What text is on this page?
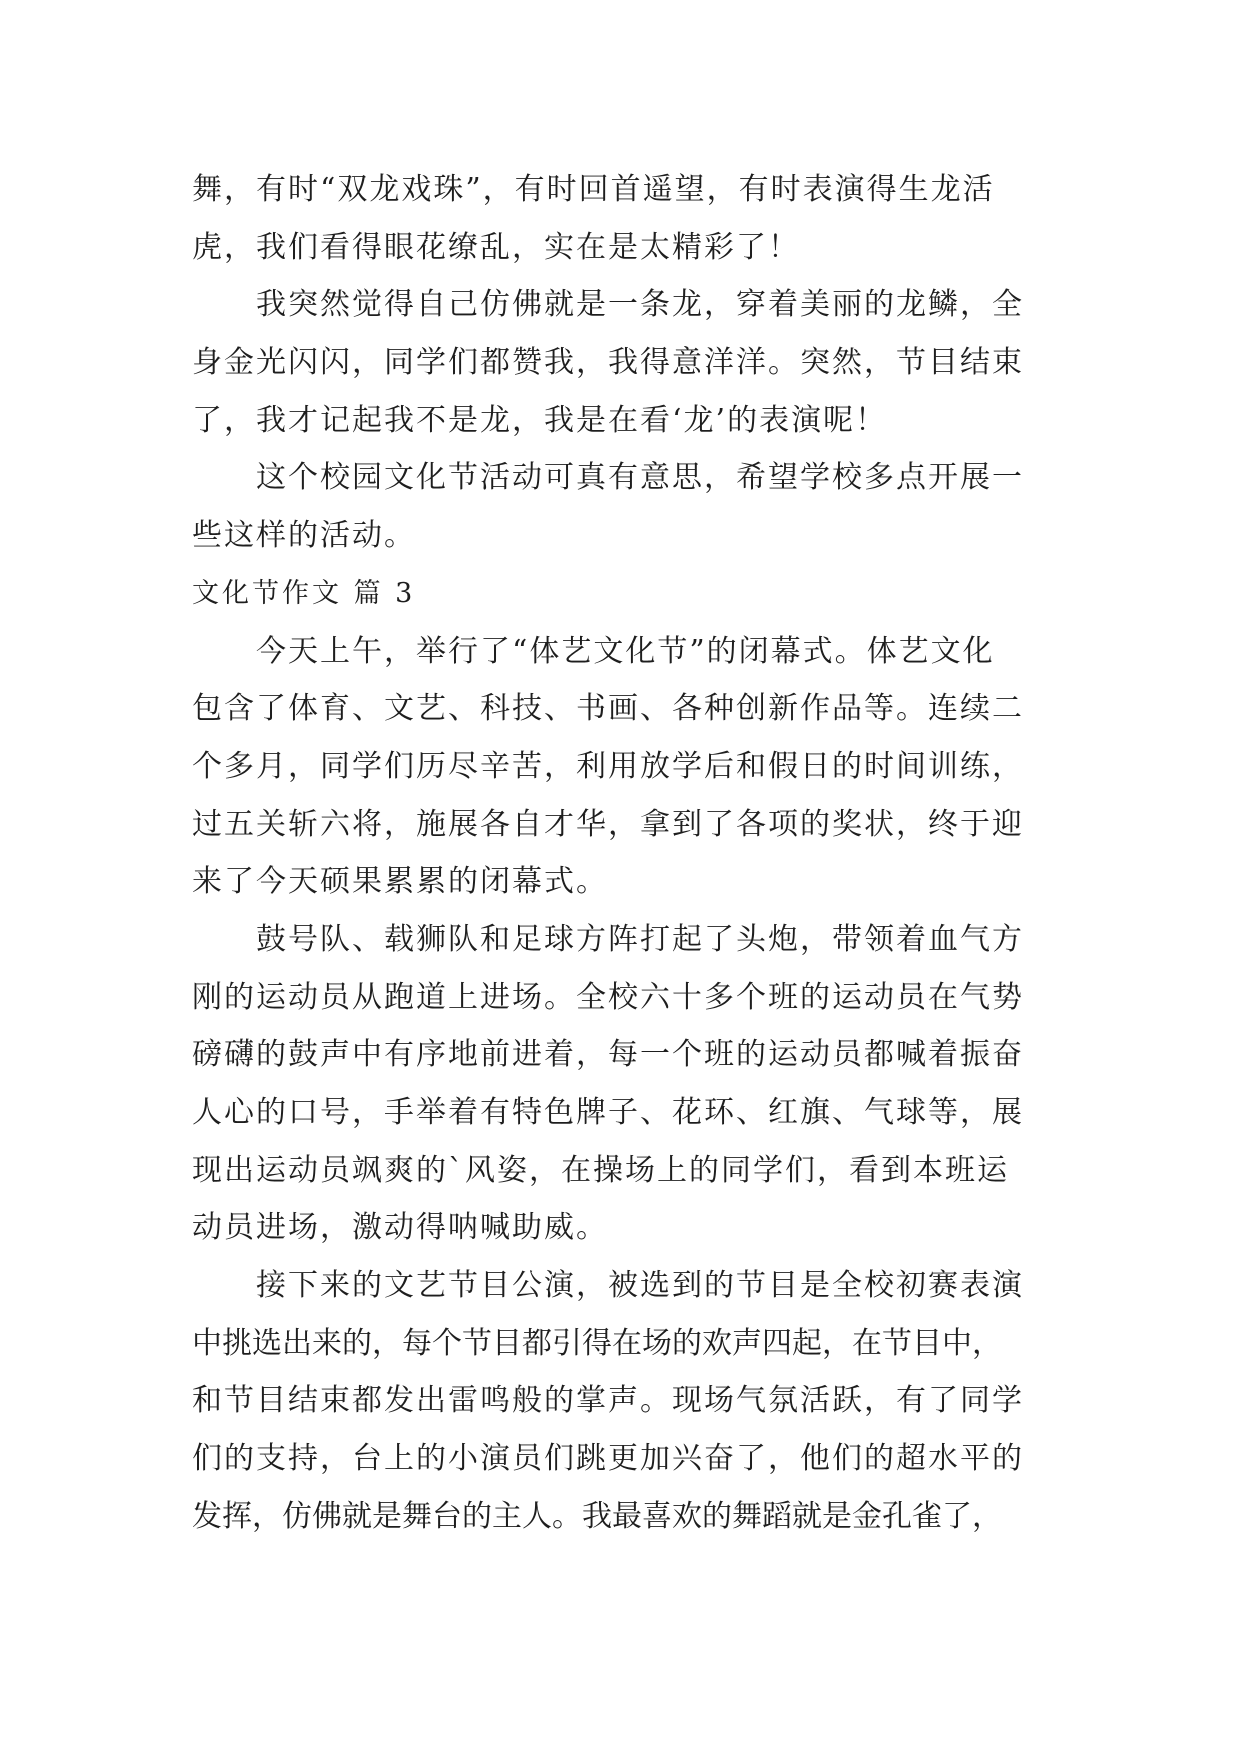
舞，有时“双龙戏珠”，有时回首遥望，有时表演得生龙活
虎，我们看得眼花缭乱，实在是太精彩了！
我突然觉得自己仿佛就是一条龙，穿着美丽的龙鳞，全
身金光闪闪，同学们都赞我，我得意洋洋。突然，节目结束
了，我才记起我不是龙，我是在看‘龙’的表演呢！
这个校园文化节活动可真有意思，希望学校多点开展一
些这样的活动。
文化节作文 篇 3
今天上午，举行了“体艺文化节”的闭幕式。体艺文化
包含了体育、文艺、科技、书画、各种创新作品等。连续二
个多月，同学们历尽辛苦，利用放学后和假日的时间训练，
过五关斩六将，施展各自才华，拿到了各项的奖状，终于迎
来了今天硕果累累的闭幕式。
鼓号队、载狮队和足球方阵打起了头炮，带领着血气方
刚的运动员从跑道上进场。全校六十多个班的运动员在气势
磅礴的鼓声中有序地前进着，每一个班的运动员都喊着振奋
人心的口号，手举着有特色牌子、花环、红旗、气球等，展
现出运动员飒爽的`风姿，在操场上的同学们，看到本班运
动员进场，激动得呐喊助威。
接下来的文艺节目公演，被选到的节目是全校初赛表演
中挑选出来的，每个节目都引得在场的欢声四起，在节目中，
和节目结束都发出雷鸣般的掌声。现场气氛活跃，有了同学
们的支持，台上的小演员们跳更加兴奋了，他们的超水平的
发挥，仿佛就是舞台的主人。我最喜欢的舞蹈就是金孔雀了，
